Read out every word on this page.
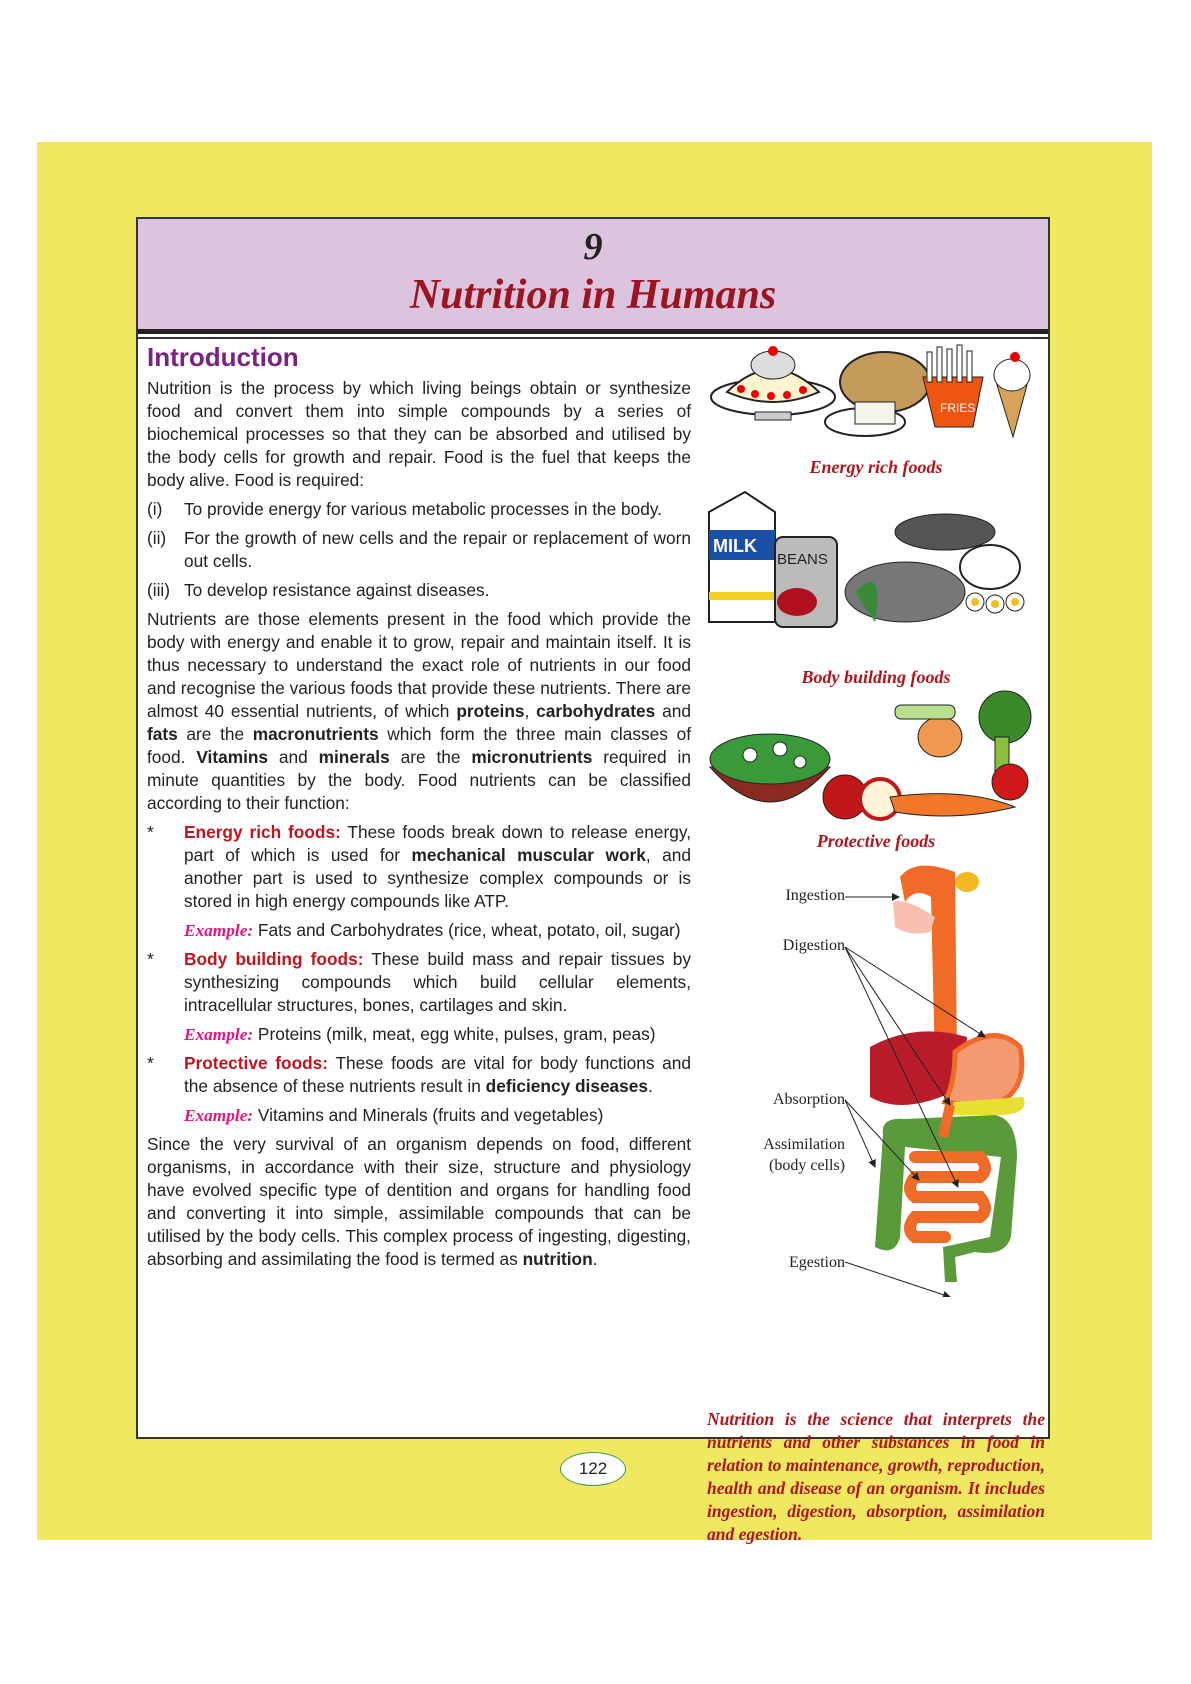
9
Nutrition in Humans
Introduction

Nutrition is the process by which living beings obtain or synthesize food and convert them into simple compounds by a series of biochemical processes so that they can be absorbed and utilised by the body cells for growth and repair. Food is the fuel that keeps the body alive. Food is required:

(i)	To provide energy for various metabolic processes in the body.
(ii)	For the growth of new cells and the repair or replacement of worn out cells.
(iii) To develop resistance against diseases.

Nutrients are those elements present in the food which provide the body with energy and enable it to grow, repair and maintain itself. It is thus necessary to understand the exact role of nutrients in our food and recognise the various foods that provide these nutrients. There are almost 40 essential nutrients, of which proteins, carbohydrates and fats are the macronutrients which form the three main classes of food. Vitamins and minerals are the micronutrients required in minute quantities by the body. Food nutrients can be classified according to their function:

*	Energy rich foods: These foods break down to release energy, part of which is used for mechanical muscular work, and another part is used to synthesize complex compounds or is stored in high energy compounds like ATP.
Example: Fats and Carbohydrates (rice, wheat, potato, oil, sugar)
*	Body building foods: These build mass and repair tissues by synthesizing compounds which build cellular elements, intracellular structures, bones, cartilages and skin.
Example: Proteins (milk, meat, egg white, pulses, gram, peas)
*	Protective foods: These foods are vital for body functions and the absence of these nutrients result in deficiency diseases.
Example: Vitamins and Minerals (fruits and vegetables)

Since the very survival of an organism depends on food, different organisms, in accordance with their size, structure and physiology have evolved specific type of dentition and organs for handling food and converting it into simple, assimilable compounds that can be utilised by the body cells. This complex process of ingesting, digesting, absorbing and assimilating the food is termed as nutrition.

FRIES
Energy rich foods
MILK
BEANS
Body building foods
Protective foods
Ingestion
Digestion
Absorption
Assimilation
(body cells)
Egestion
Nutrition is the science that interprets the nutrients and other substances in food in relation to maintenance, growth, reproduction, health and disease of an organism. It includes ingestion, digestion, absorption, assimilation and egestion.
122
